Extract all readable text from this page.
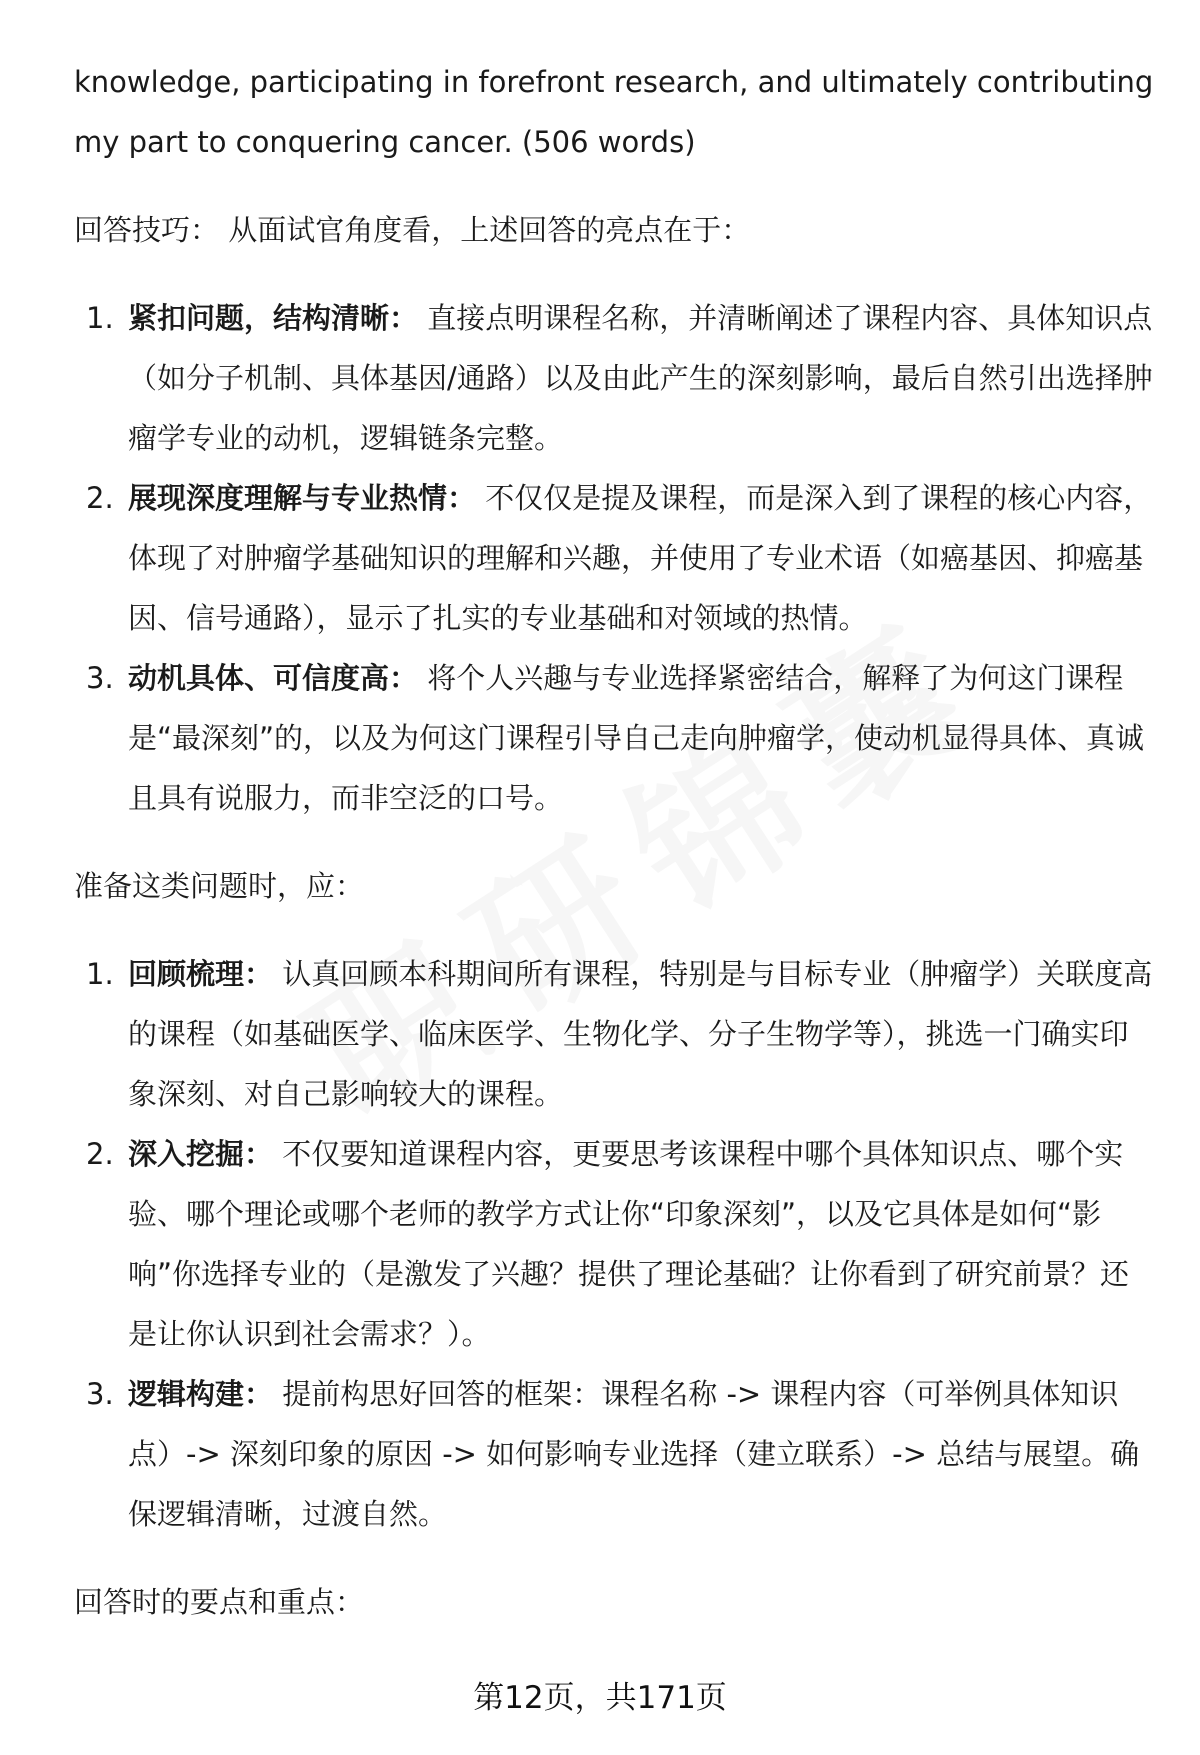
knowledge, participating in forefront research, and ultimately contributing

my part to conquering cancer. (506 words)

回答技巧： 从面试官角度看，上述回答的亮点在于：

1. 紧扣问题，结构清晰： 直接点明课程名称，并清晰阐述了课程内容、具体知识点（如分子机制、具体基因/通路）以及由此产生的深刻影响，最后自然引出选择肿瘤学专业的动机，逻辑链条完整。
2. 展现深度理解与专业热情： 不仅仅是提及课程，而是深入到了课程的核心内容，体现了对肿瘤学基础知识的理解和兴趣，并使用了专业术语（如癌基因、抑癌基因、信号通路），显示了扎实的专业基础和对领域的热情。
3. 动机具体、可信度高： 将个人兴趣与专业选择紧密结合，解释了为何这门课程是“最深刻”的，以及为何这门课程引导自己走向肿瘤学，使动机显得具体、真诚且具有说服力，而非空泛的口号。

准备这类问题时，应：

1. 回顾梳理： 认真回顾本科期间所有课程，特别是与目标专业（肿瘤学）关联度高的课程（如基础医学、临床医学、生物化学、分子生物学等），挑选一门确实印象深刻、对自己影响较大的课程。
2. 深入挖掘： 不仅要知道课程内容，更要思考该课程中哪个具体知识点、哪个实验、哪个理论或哪个老师的教学方式让你“印象深刻”，以及它具体是如何“影响”你选择专业的（是激发了兴趣？提供了理论基础？让你看到了研究前景？还是让你认识到社会需求？）。
3. 逻辑构建： 提前构思好回答的框架：课程名称 -> 课程内容（可举例具体知识点）-> 深刻印象的原因 -> 如何影响专业选择（建立联系）-> 总结与展望。确保逻辑清晰，过渡自然。

回答时的要点和重点：

第12页，共171页
